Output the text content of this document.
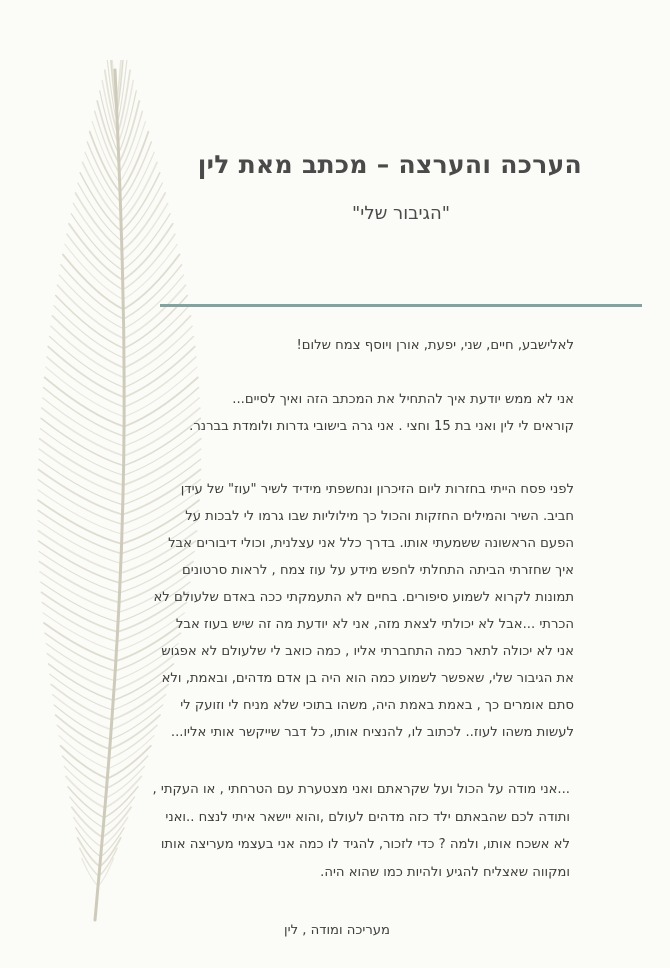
הערכה והערצה – מכתב מאת לין
"הגיבור שלי"
לאלישבע, חיים, שני, יפעת, אורן ויוסף צמח שלום!
אני לא ממש יודעת איך להתחיל את המכתב הזה ואיך לסיים...
קוראים לי לין ואני בת 15 וחצי . אני גרה בישובי גדרות ולומדת בברנר.
לפני פסח הייתי בחזרות ליום הזיכרון ונחשפתי מידיד לשיר "עוז" של עידן
חביב. השיר והמילים החזקות והכול כך מילוליות שבו גרמו לי לבכות על
הפעם הראשונה ששמעתי אותו. בדרך כלל אני עצלנית, וכולי דיבורים אבל
איך שחזרתי הביתה התחלתי לחפש מידע על עוז צמח , לראות סרטונים
תמונות לקרוא לשמוע סיפורים. בחיים לא התעמקתי ככה באדם שלעולם לא
הכרתי ...אבל לא יכולתי לצאת מזה, אני לא יודעת מה זה שיש בעוז אבל
אני לא יכולה לתאר כמה התחברתי אליו , כמה כואב לי שלעולם לא אפגוש
את הגיבור שלי, שאפשר לשמוע כמה הוא היה בן אדם מדהים, ובאמת, ולא
סתם אומרים כך , באמת באמת היה, משהו בתוכי שלא מניח לי וזועק לי
לעשות משהו לעוז.. לכתוב לו, להנציח אותו, כל דבר שייקשר אותי אליו...
...אני מודה על הכול ועל שקראתם ואני מצטערת עם הטרחתי , או העקתי ,
ותודה לכם שהבאתם ילד כזה מדהים לעולם ,והוא יישאר איתי לנצח ..ואני
לא אשכח אותו, ולמה ? כדי לזכור, להגיד לו כמה אני בעצמי מעריצה אותו
ומקווה שאצליח להגיע ולהיות כמו שהוא היה.
מעריכה ומודה , לין
